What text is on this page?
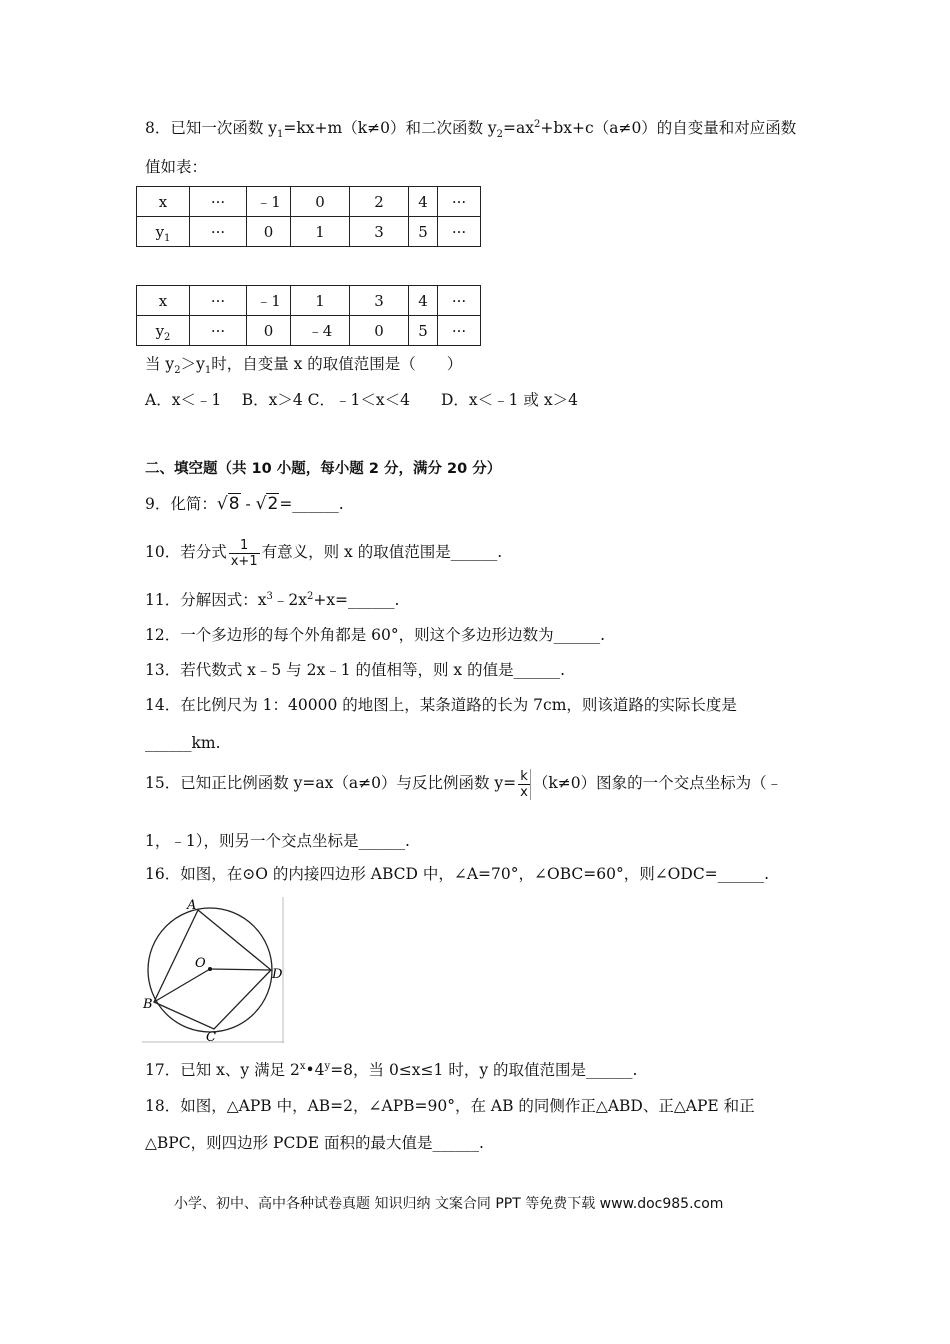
8．已知一次函数 $y_1=kx+m(k\ne 0)$和二次函数 $y_2=ax^2+bx+c(a\ne 0)$的自变量和对应函数
值如表：
x	···	﹣1	0	2	4	···
$y_1$	···	0	1	3	5	···
x	···	﹣1	1	3	4	···
$y_2$	···	0	﹣4	0	5	···
当 $y_2>y_1$时，自变量 x 的取值范围是（　　）
A．x＜﹣1　 B．x＞4 C．﹣1＜x＜4　　D．x＜﹣1 或 x＞4
二、填空题（共 10 小题，每小题 2 分，满分 20 分）
9．化简：√8 - √2=______.
10．若分式 $\frac{1}{x+1}$ 有意义，则 x 的取值范围是______.
11．分解因式：$x^3﹣2x^2+x=\_\_\_\_\_\_$.
12．一个多边形的每个外角都是 60°，则这个多边形边数为______.
13．若代数式 x﹣5 与 2x﹣1 的值相等，则 x 的值是______.
14．在比例尺为 1：40000 的地图上，某条道路的长为 7cm，则该道路的实际长度是
______km.
15．已知正比例函数 y=ax（a≠0）与反比例函数 $y= \frac{k}{x} (k\ne 0)$图象的一个交点坐标为（﹣
1，﹣1），则另一个交点坐标是______.
16．如图，在⊙O 的内接四边形 ABCD 中，∠A=70°，∠OBC=60°，则∠ODC=______.
A
O
D
B
C
17．已知 x、y 满足 $2^x•4^y=8$，当 0≤x≤1 时，y 的取值范围是______.
18．如图，△APB 中，AB=2，∠APB=90°，在 AB 的同侧作正△ABD、正△APE 和正
△BPC，则四边形 PCDE 面积的最大值是______.
小学、初中、高中各种试卷真题 知识归纳 文案合同 PPT 等免费下载 www.doc985.com
